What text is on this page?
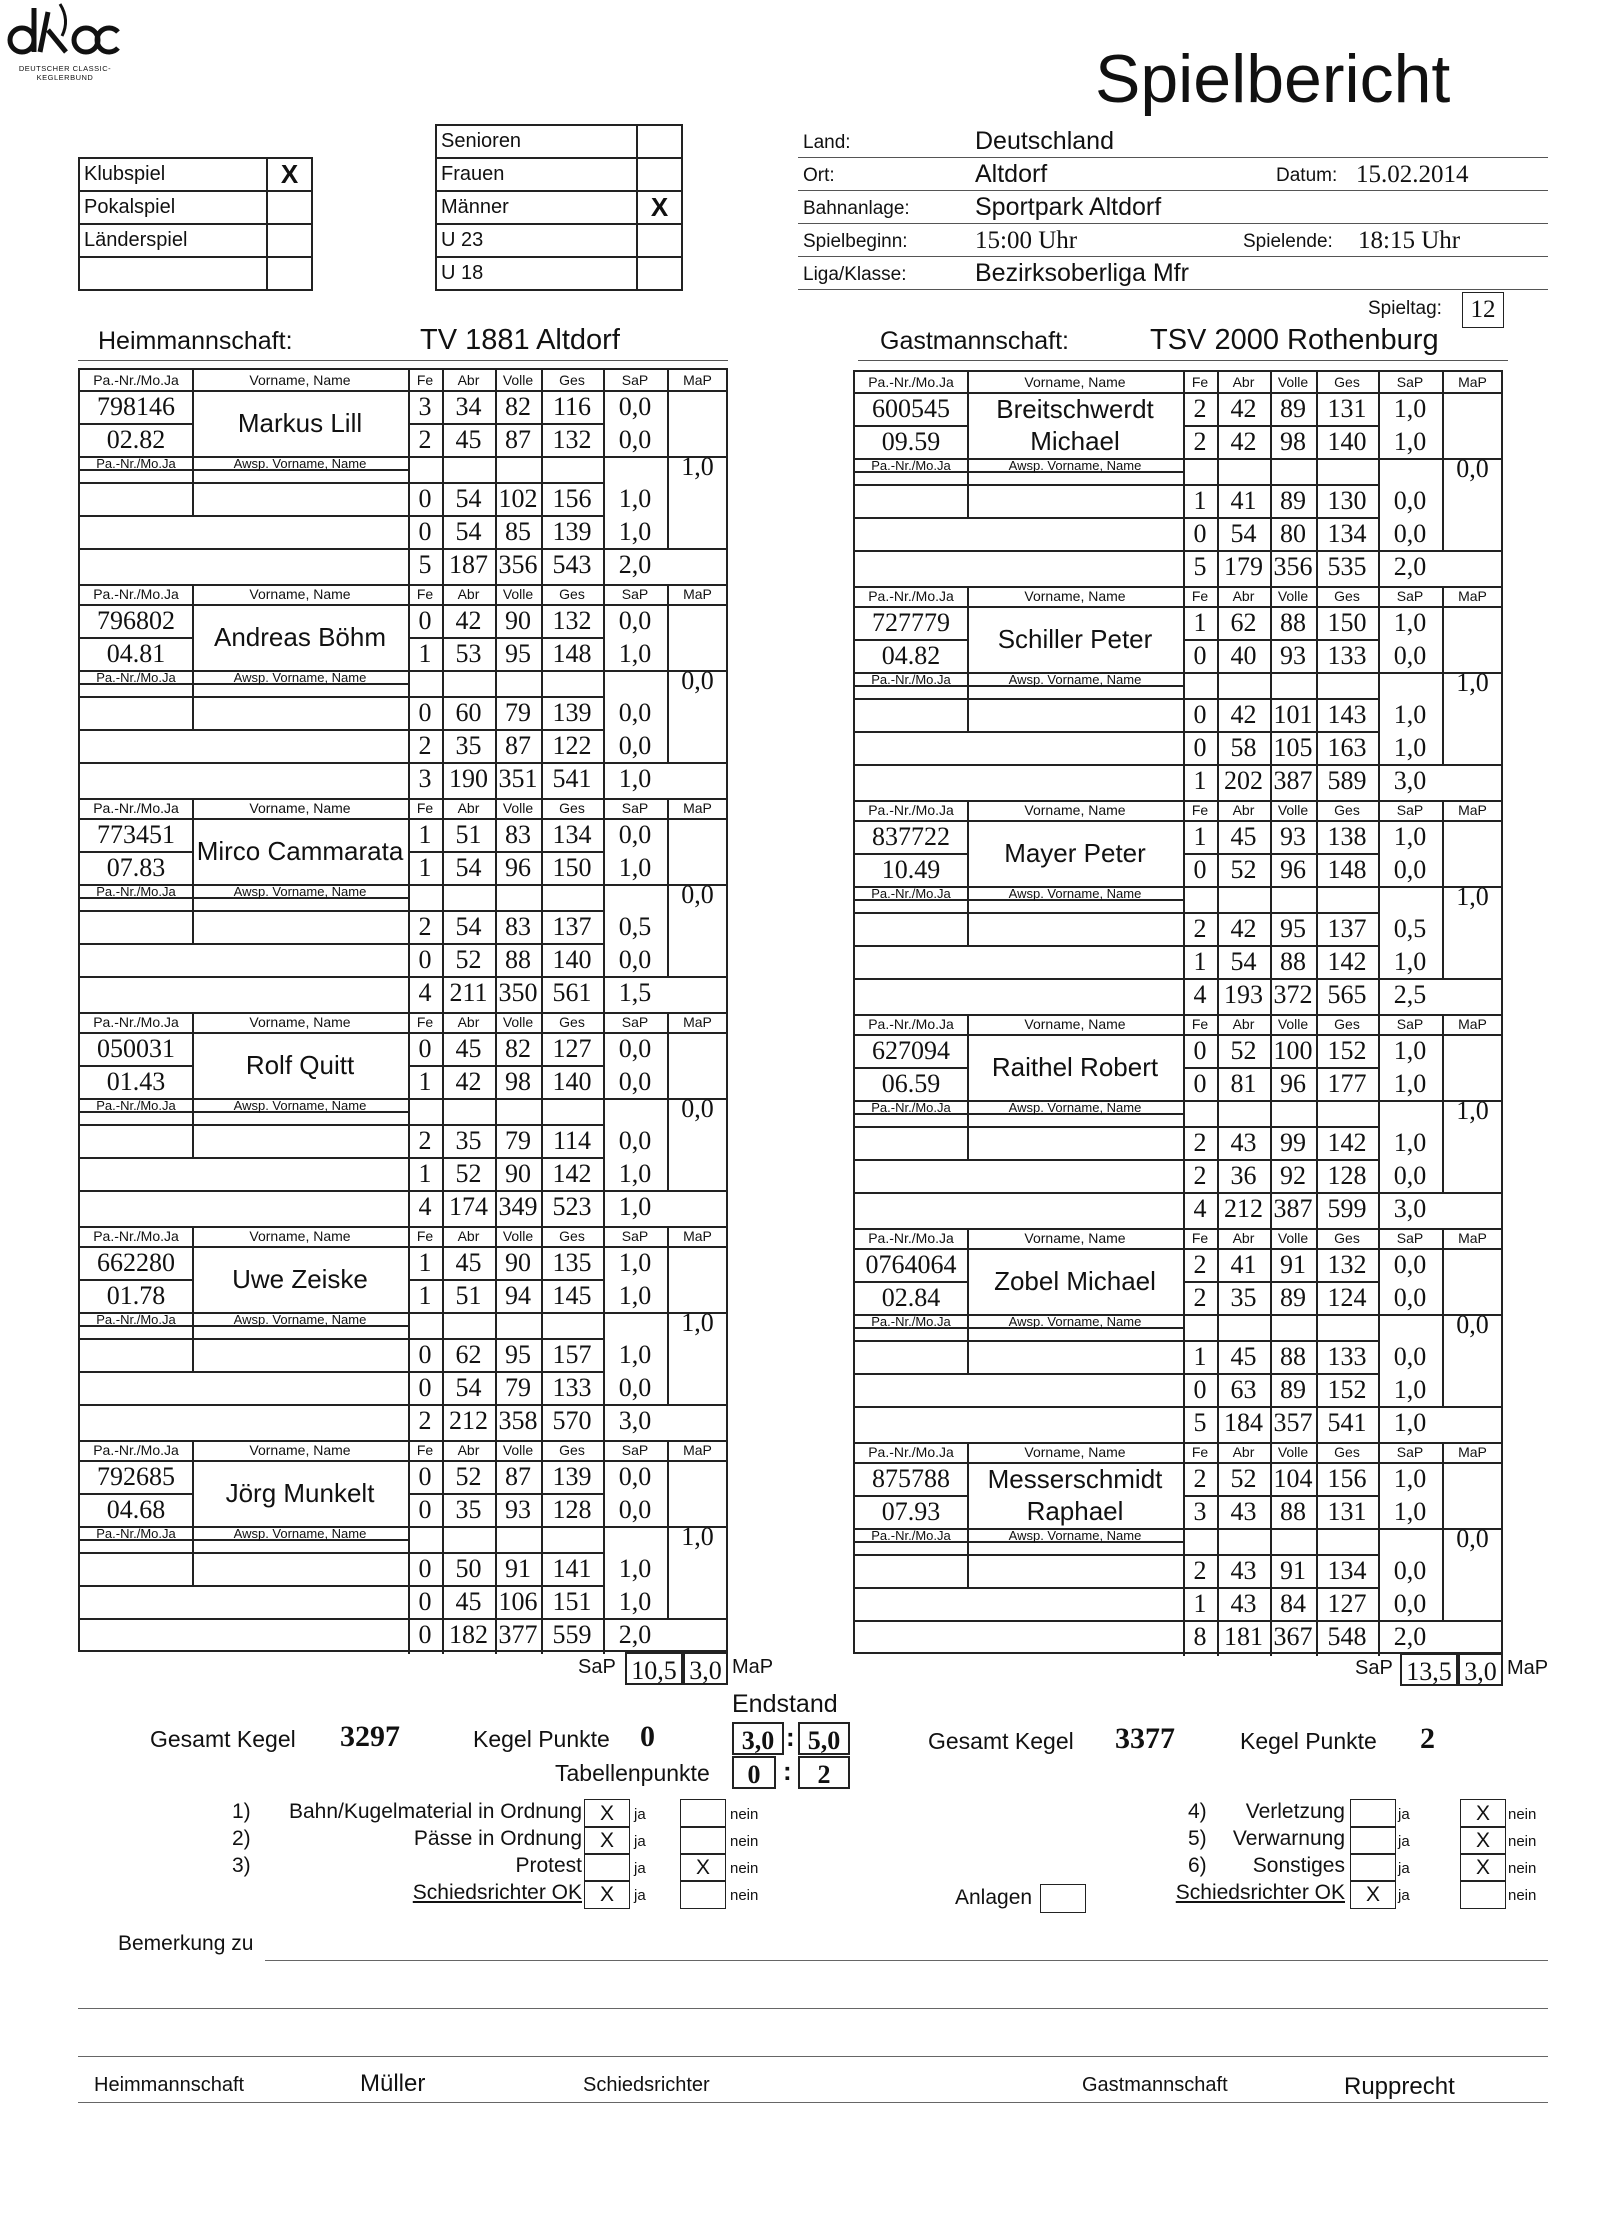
DEUTSCHER CLASSIC-
KEGLERBUND	Spielbericht
Klubspiel	X
Pokalspiel	
Länderspiel	

Senioren	
Frauen	
Männer	X
U 23	
U 18	
Land:	Deutschland
Ort:	Altdorf	Datum: 15.02.2014
Bahnanlage:	Sportpark Altdorf
Spielbeginn:	15:00 Uhr	Spielende: 18:15 Uhr
Liga/Klasse:	Bezirksoberliga Mfr
Spieltag:	12
Heimmannschaft:	TV 1881 Altdorf	Gastmannschaft:	TSV 2000 Rothenburg
Pa.-Nr./Mo.Ja	Vorname, Name	Fe	Abr	Volle	Ges	SaP	MaP
Pa.-Nr./Mo.Ja	Awsp. Vorname, Name
798146
02.82
Markus Lill
3 34 82 116	0,0
2 45 87 132	0,0
0 54 102 156	1,0
0 54 85 139	1,0
5 187 356 543	2,0
1,0
Pa.-Nr./Mo.Ja	Vorname, Name	Fe	Abr	Volle	Ges	SaP	MaP
Pa.-Nr./Mo.Ja	Awsp. Vorname, Name
796802
04.81
Andreas Böhm
0 42 90 132	0,0
1 53 95 148	1,0
0 60 79 139	0,0
2 35 87 122	0,0
3 190 351 541	1,0
0,0
Pa.-Nr./Mo.Ja	Vorname, Name	Fe	Abr	Volle	Ges	SaP	MaP
Pa.-Nr./Mo.Ja	Awsp. Vorname, Name
773451
07.83
Mirco Cammarata
1 51 83 134	0,0
1 54 96 150	1,0
2 54 83 137	0,5
0 52 88 140	0,0
4 211 350 561	1,5
0,0
Pa.-Nr./Mo.Ja	Vorname, Name	Fe	Abr	Volle	Ges	SaP	MaP
Pa.-Nr./Mo.Ja	Awsp. Vorname, Name
050031
01.43
Rolf Quitt
0 45 82 127	0,0
1 42 98 140	0,0
2 35 79 114	0,0
1 52 90 142	1,0
4 174 349 523	1,0
0,0
Pa.-Nr./Mo.Ja	Vorname, Name	Fe	Abr	Volle	Ges	SaP	MaP
Pa.-Nr./Mo.Ja	Awsp. Vorname, Name
662280
01.78
Uwe Zeiske
1 45 90 135	1,0
1 51 94 145	1,0
0 62 95 157	1,0
0 54 79 133	0,0
2 212 358 570	3,0
1,0
Pa.-Nr./Mo.Ja	Vorname, Name	Fe	Abr	Volle	Ges	SaP	MaP
Pa.-Nr./Mo.Ja	Awsp. Vorname, Name
792685
04.68
Jörg Munkelt
0 52 87 139	0,0
0 35 93 128	0,0
0 50 91 141	1,0
0 45 106 151	1,0
0 182 377 559	2,0
1,0
Pa.-Nr./Mo.Ja	Vorname, Name	Fe	Abr	Volle	Ges	SaP	MaP
Pa.-Nr./Mo.Ja	Awsp. Vorname, Name
600545
09.59
Breitschwerdt
Michael
2 42 89 131	1,0
2 42 98 140	1,0
1 41 89 130	0,0
0 54 80 134	0,0
5 179 356 535	2,0
0,0
Pa.-Nr./Mo.Ja	Vorname, Name	Fe	Abr	Volle	Ges	SaP	MaP
Pa.-Nr./Mo.Ja	Awsp. Vorname, Name
727779
04.82
Schiller Peter
1 62 88 150	1,0
0 40 93 133	0,0
0 42 101 143	1,0
0 58 105 163	1,0
1 202 387 589	3,0
1,0
Pa.-Nr./Mo.Ja	Vorname, Name	Fe	Abr	Volle	Ges	SaP	MaP
Pa.-Nr./Mo.Ja	Awsp. Vorname, Name
837722
10.49
Mayer Peter
1 45 93 138	1,0
0 52 96 148	0,0
2 42 95 137	0,5
1 54 88 142	1,0
4 193 372 565	2,5
1,0
Pa.-Nr./Mo.Ja	Vorname, Name	Fe	Abr	Volle	Ges	SaP	MaP
Pa.-Nr./Mo.Ja	Awsp. Vorname, Name
627094
06.59
Raithel Robert
0 52 100 152	1,0
0 81 96 177	1,0
2 43 99 142	1,0
2 36 92 128	0,0
4 212 387 599	3,0
1,0
Pa.-Nr./Mo.Ja	Vorname, Name	Fe	Abr	Volle	Ges	SaP	MaP
Pa.-Nr./Mo.Ja	Awsp. Vorname, Name
0764064
02.84
Zobel Michael
2 41 91 132	0,0
2 35 89 124	0,0
1 45 88 133	0,0
0 63 89 152	1,0
5 184 357 541	1,0
0,0
Pa.-Nr./Mo.Ja	Vorname, Name	Fe	Abr	Volle	Ges	SaP	MaP
Pa.-Nr./Mo.Ja	Awsp. Vorname, Name
875788
07.93
Messerschmidt
Raphael
2 52 104 156	1,0
3 43 88 131	1,0
2 43 91 134	0,0
1 43 84 127	0,0
8 181 367 548	2,0
0,0
SaP 10,5 3,0 MaP	SaP 13,5 3,0 MaP
Endstand
Gesamt Kegel 3297	Kegel Punkte 0	3,0 : 5,0
Tabellenpunkte	0 : 2
Gesamt Kegel 3377	Kegel Punkte 2
1) Bahn/Kugelmaterial in Ordnung X	ja	nein
2)	Pässe in Ordnung X	ja	nein
3)	Protest	ja	X	nein
Schiedsrichter OK X	ja	nein
4) Verletzung	ja	X	nein
5) Verwarnung	ja	X	nein
6) Sonstiges	ja	X	nein
Schiedsrichter OK X	ja	nein
Anlagen
Bemerkung zu
Heimmannschaft	Müller	Schiedsrichter	Gastmannschaft	Rupprecht
